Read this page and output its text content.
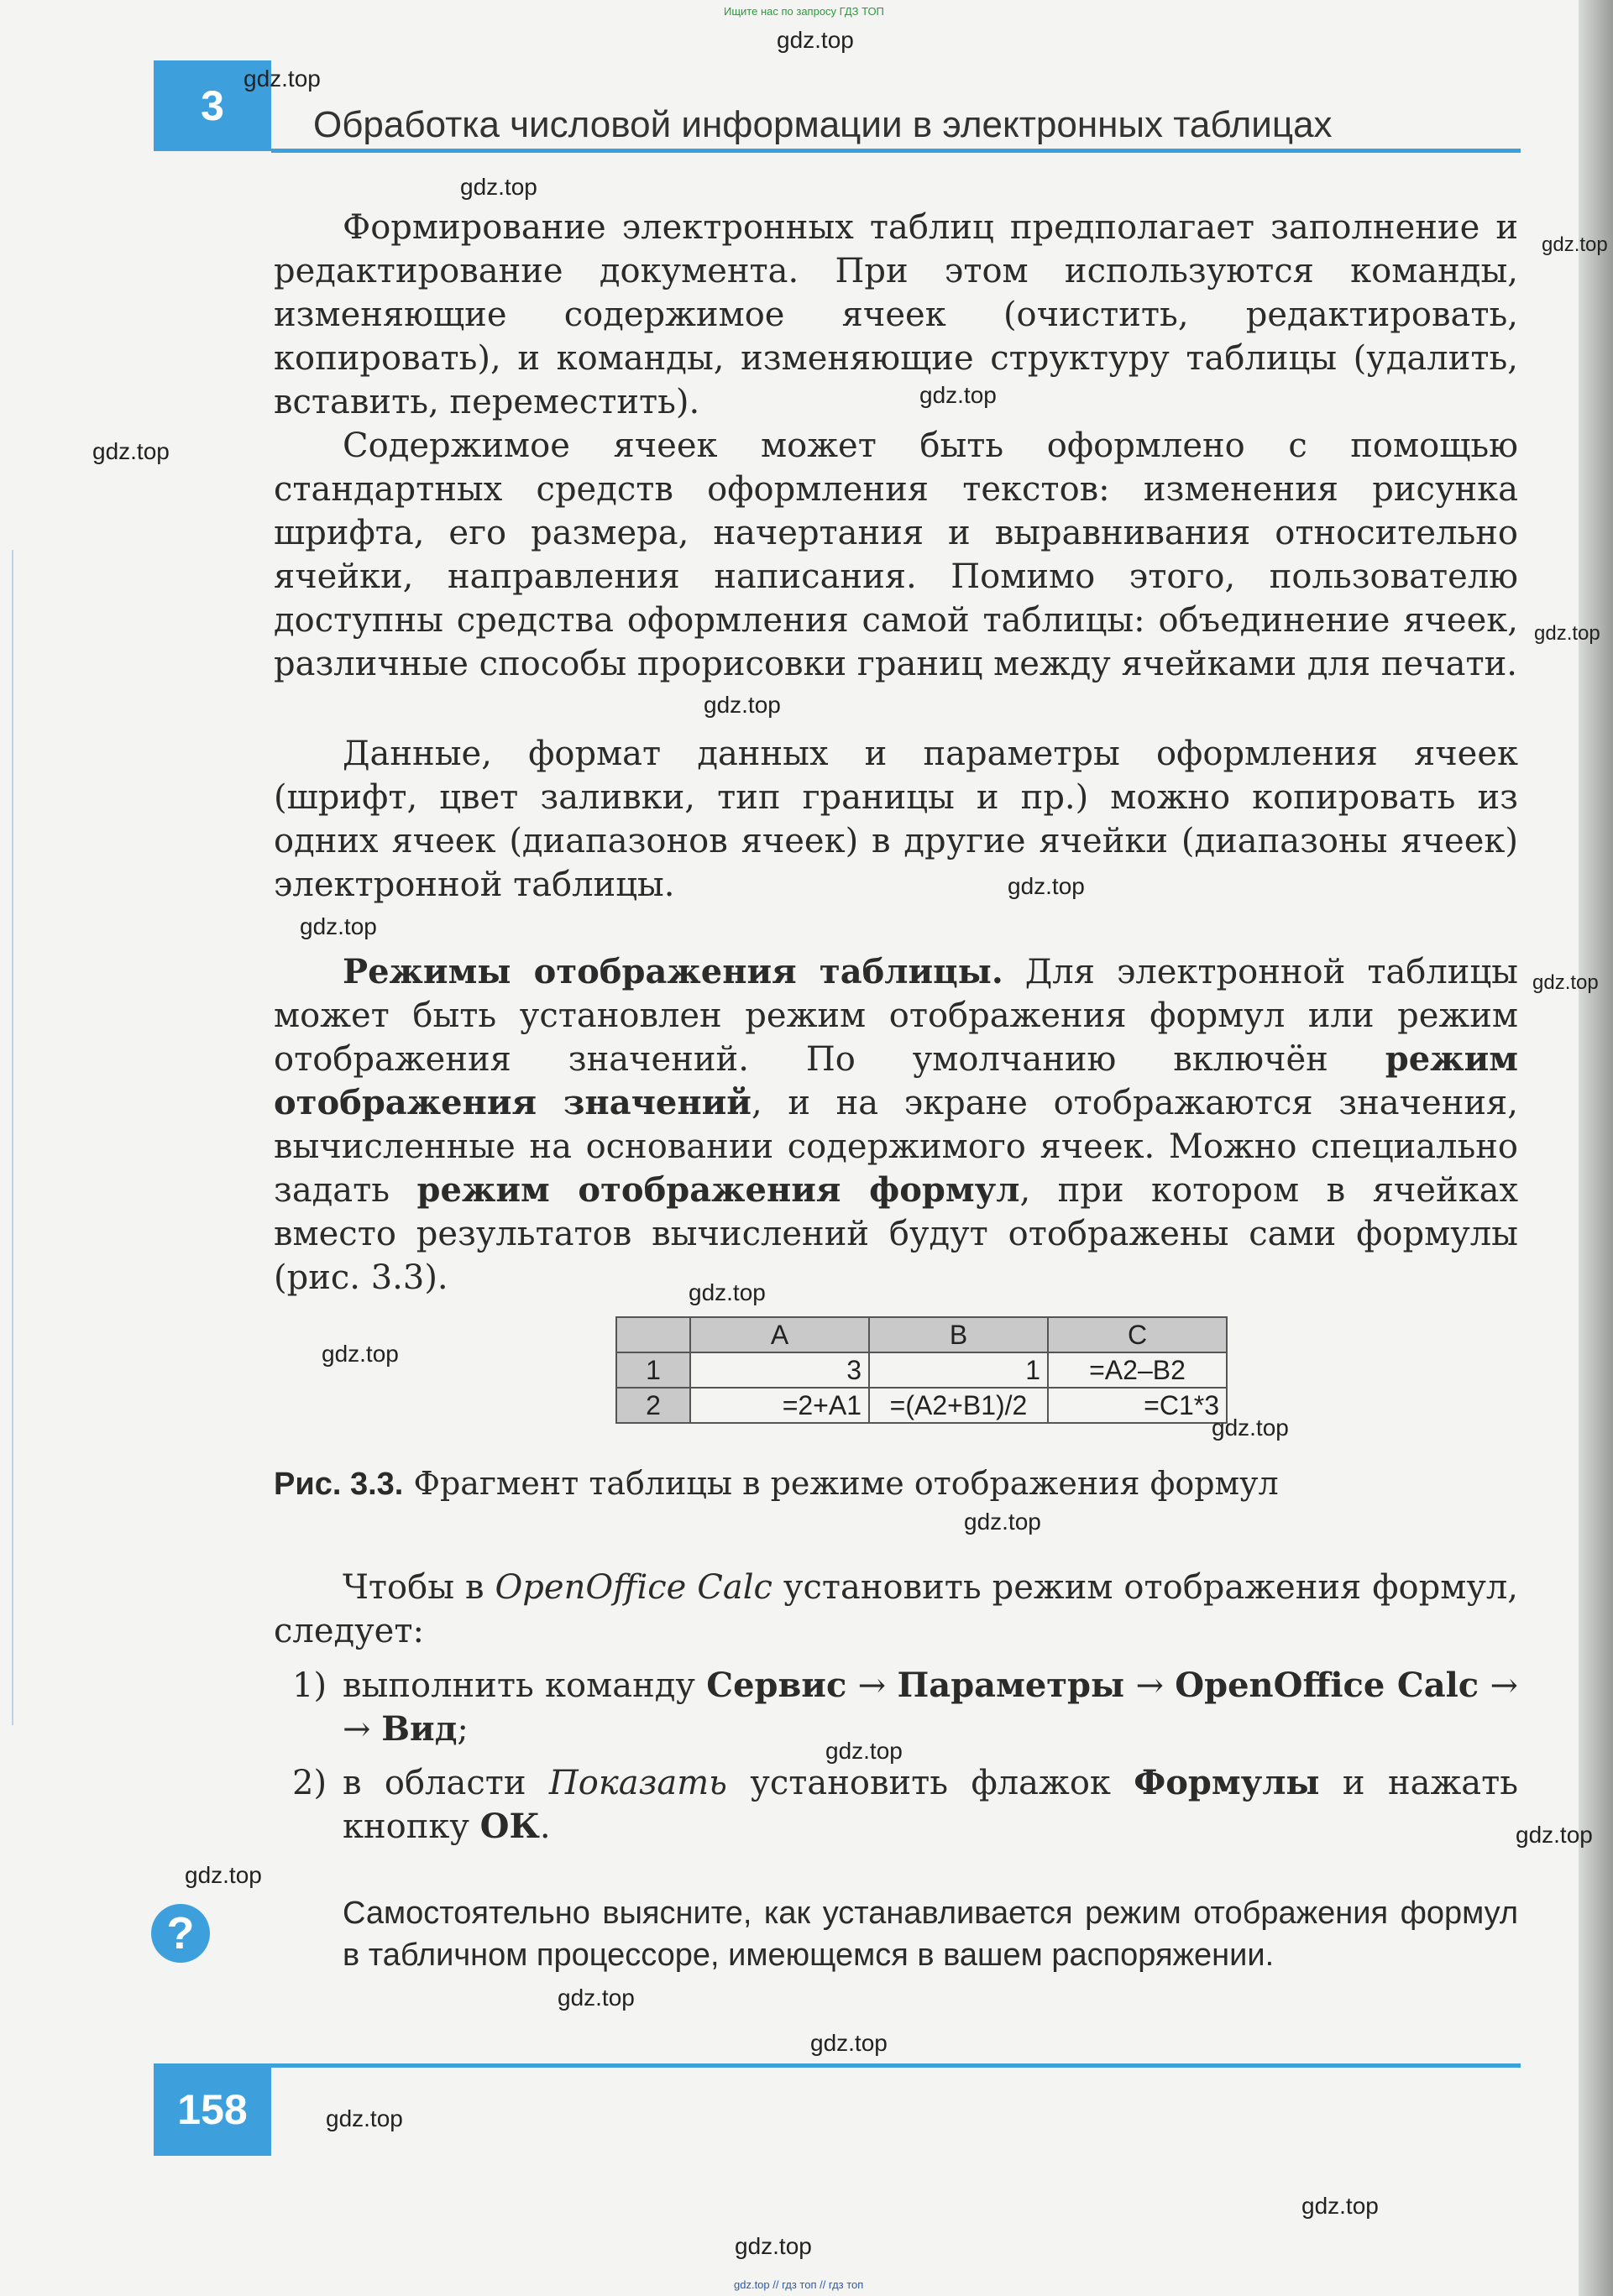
Ищите нас по запросу ГДЗ ТОП
3 Обработка числовой информации в электронных таблицах

Формирование электронных таблиц предполагает заполнение и редактирование документа. При этом используются команды, изменяющие содержимое ячеек (очистить, редактировать, копировать), и команды, изменяющие структуру таблицы (удалить, вставить, переместить).

Содержимое ячеек может быть оформлено с помощью стандартных средств оформления текстов: изменения рисунка шрифта, его размера, начертания и выравнивания относительно ячейки, направления написания. Помимо этого, пользователю доступны средства оформления самой таблицы: объединение ячеек, различные способы прорисовки границ между ячейками для печати.

Данные, формат данных и параметры оформления ячеек (шрифт, цвет заливки, тип границы и пр.) можно копировать из одних ячеек (диапазонов ячеек) в другие ячейки (диапазоны ячеек) электронной таблицы.

Режимы отображения таблицы. Для электронной таблицы может быть установлен режим отображения формул или режим отображения значений. По умолчанию включён режим отображения значений, и на экране отображаются значения, вычисленные на основании содержимого ячеек. Можно специально задать режим отображения формул, при котором в ячейках вместо результатов вычислений будут отображены сами формулы (рис. 3.3).

	A	B	C
1	3	1	=A2–B2
2	=2+A1	=(A2+B1)/2	=C1*3
Рис. 3.3. Фрагмент таблицы в режиме отображения формул

Чтобы в OpenOffice Calc установить режим отображения формул, следует:

1) выполнить команду Сервис → Параметры → OpenOffice Calc → → Вид;
2) в области Показать установить флажок Формулы и нажать кнопку ОК.
?	Самостоятельно выясните, как устанавливается режим отображения формул в табличном процессоре, имеющемся в вашем распоряжении.

158
gdz.top
gdz.top
gdz.top
gdz.top
gdz.top
gdz.top
gdz.top
gdz.top
gdz.top
gdz.top
gdz.top
gdz.top
gdz.top
gdz.top
gdz.top
gdz.top
gdz.top
gdz.top
gdz.top
gdz.top
gdz.top
gdz.top
gdz.top
gdz.top // гдз топ // гдз топ
